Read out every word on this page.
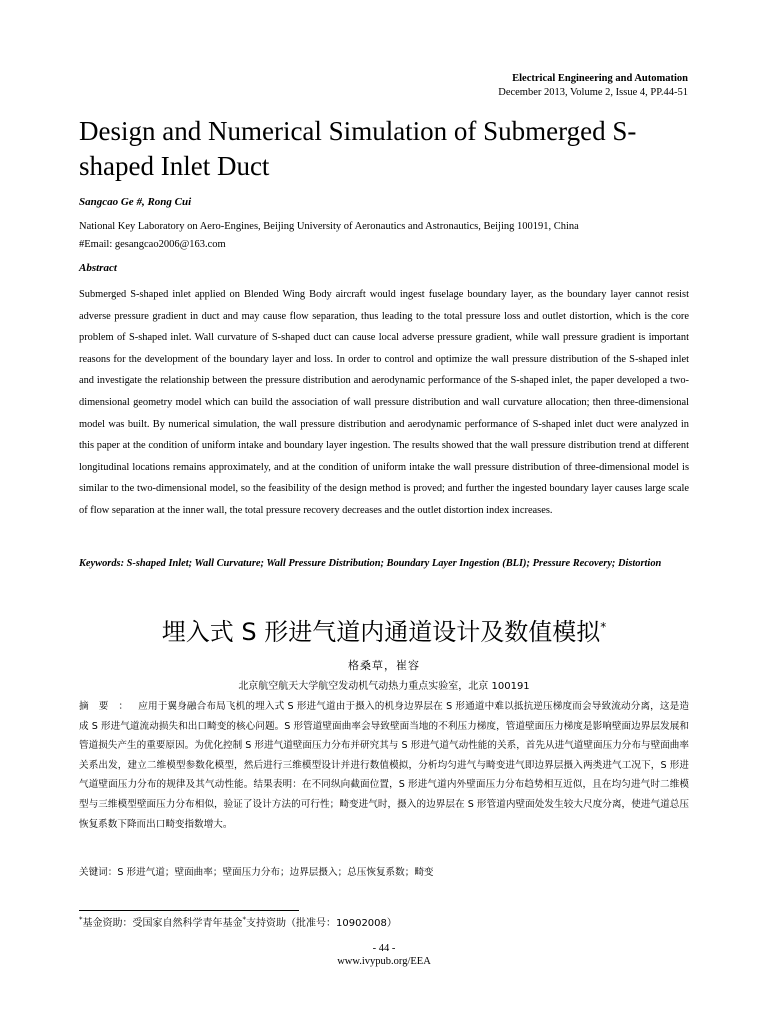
Electrical Engineering and Automation
December 2013, Volume 2, Issue 4, PP.44-51
Design and Numerical Simulation of Submerged S-shaped Inlet Duct
Sangcao Ge #, Rong Cui
National Key Laboratory on Aero-Engines, Beijing University of Aeronautics and Astronautics, Beijing 100191, China
#Email: gesangcao2006@163.com
Abstract

Submerged S-shaped inlet applied on Blended Wing Body aircraft would ingest fuselage boundary layer, as the boundary layer cannot resist adverse pressure gradient in duct and may cause flow separation, thus leading to the total pressure loss and outlet distortion, which is the core problem of S-shaped inlet. Wall curvature of S-shaped duct can cause local adverse pressure gradient, while wall pressure gradient is important reasons for the development of the boundary layer and loss. In order to control and optimize the wall pressure distribution of the S-shaped inlet and investigate the relationship between the pressure distribution and aerodynamic performance of the S-shaped inlet, the paper developed a two-dimensional geometry model which can build the association of wall pressure distribution and wall curvature allocation; then three-dimensional model was built. By numerical simulation, the wall pressure distribution and aerodynamic performance of S-shaped inlet duct were analyzed in this paper at the condition of uniform intake and boundary layer ingestion. The results showed that the wall pressure distribution trend at different longitudinal locations remains approximately, and at the condition of uniform intake the wall pressure distribution of three-dimensional model is similar to the two-dimensional model, so the feasibility of the design method is proved; and further the ingested boundary layer causes large scale of flow separation at the inner wall, the total pressure recovery decreases and the outlet distortion index increases.

Keywords: S-shaped Inlet; Wall Curvature; Wall Pressure Distribution; Boundary Layer Ingestion (BLI); Pressure Recovery; Distortion

埋入式 S 形进气道内通道设计及数值模拟*
格桑草，崔容
北京航空航天大学航空发动机气动热力重点实验室，北京 100191

摘要：应用于翼身融合布局飞机的埋入式 S 形进气道由于摄入的机身边界层在 S 形通道中难以抵抗逆压梯度而会导致流动分离，这是造成 S 形进气道流动损失和出口畸变的核心问题。S 形管道壁面曲率会导致壁面当地的不利压力梯度，管道壁面压力梯度是影响壁面边界层发展和管道损失产生的重要原因。为优化控制 S 形进气道壁面压力分布并研究其与 S 形进气道气动性能的关系，首先从进气道壁面压力分布与壁面曲率关系出发，建立二维模型参数化模型，然后进行三维模型设计并进行数值模拟，分析均匀进气与畸变进气即边界层摄入两类进气工况下，S 形进气道壁面压力分布的规律及其气动性能。结果表明：在不同纵向截面位置，S 形进气道内外壁面压力分布趋势相互近似，且在均匀进气时二维模型与三维模型壁面压力分布相似，验证了设计方法的可行性；畸变进气时，摄入的边界层在 S 形管道内壁面处发生较大尺度分离，使进气道总压恢复系数下降而出口畸变指数增大。

关键词：S 形进气道；壁面曲率；壁面压力分布；边界层摄入；总压恢复系数；畸变
*基金资助：受国家自然科学青年基金*支持资助（批准号：10902008）
- 44 -
www.ivypub.org/EEA
